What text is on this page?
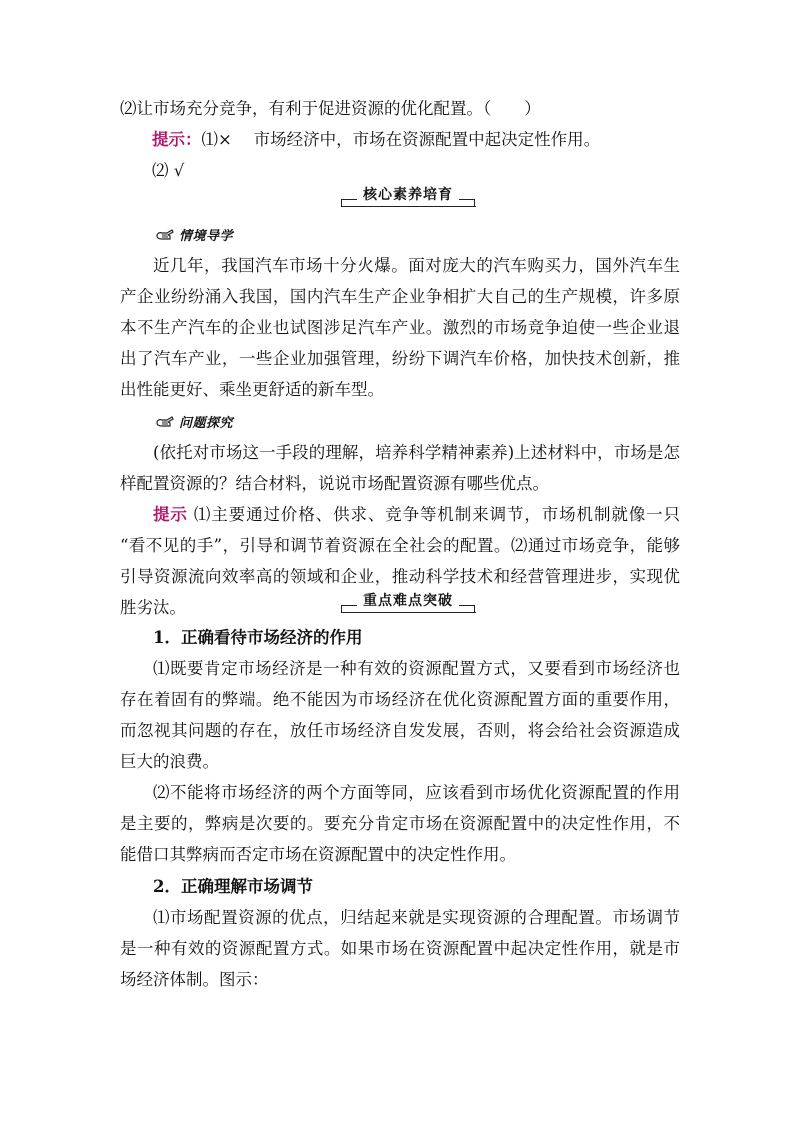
⑵让市场充分竞争，有利于促进资源的优化配置。（　　）

提示：⑴× 　市场经济中，市场在资源配置中起决定性作用。

⑵ √

核心素养培育
情境导学

近几年，我国汽车市场十分火爆。面对庞大的汽车购买力，国外汽车生产企业纷纷涌入我国，国内汽车生产企业争相扩大自己的生产规模，许多原本不生产汽车的企业也试图涉足汽车产业。激烈的市场竞争迫使一些企业退出了汽车产业，一些企业加强管理，纷纷下调汽车价格，加快技术创新，推出性能更好、乘坐更舒适的新车型。

问题探究

(依托对市场这一手段的理解，培养科学精神素养)上述材料中，市场是怎样配置资源的？结合材料，说说市场配置资源有哪些优点。

提示 ⑴主要通过价格、供求、竞争等机制来调节，市场机制就像一只 “看不见的手”，引导和调节着资源在全社会的配置。⑵通过市场竞争，能够引导资源流向效率高的领域和企业，推动科学技术和经营管理进步，实现优胜劣汰。	重点难点突破

1．正确看待市场经济的作用

⑴既要肯定市场经济是一种有效的资源配置方式，又要看到市场经济也存在着固有的弊端。绝不能因为市场经济在优化资源配置方面的重要作用，而忽视其问题的存在，放任市场经济自发发展，否则，将会给社会资源造成巨大的浪费。

⑵不能将市场经济的两个方面等同，应该看到市场优化资源配置的作用是主要的，弊病是次要的。要充分肯定市场在资源配置中的决定性作用，不能借口其弊病而否定市场在资源配置中的决定性作用。

2．正确理解市场调节

⑴市场配置资源的优点，归结起来就是实现资源的合理配置。市场调节是一种有效的资源配置方式。如果市场在资源配置中起决定性作用，就是市场经济体制。图示：
